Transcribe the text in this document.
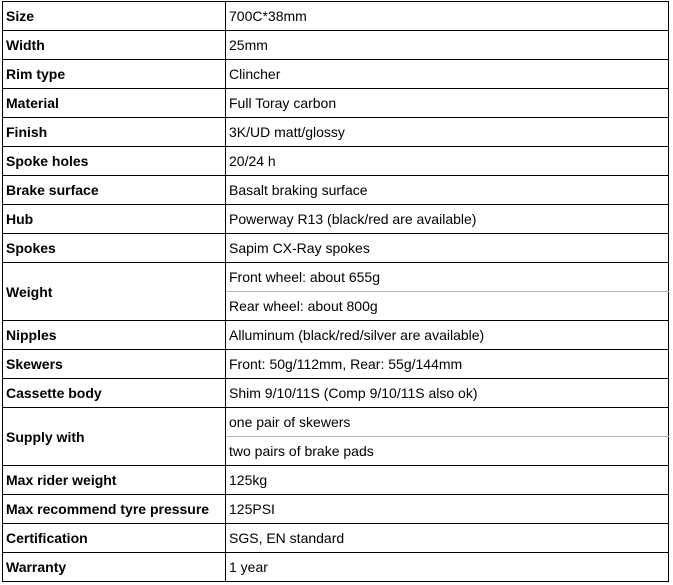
Size	700C*38mm
Width	25mm
Rim type	Clincher
Material	Full Toray carbon
Finish	3K/UD matt/glossy
Spoke holes	20/24 h
Brake surface	Basalt braking surface
Hub	Powerway R13 (black/red are available)
Spokes	Sapim CX-Ray spokes
Weight	Front wheel: about 655g
	Rear wheel: about 800g
Nipples	Alluminum (black/red/silver are available)
Skewers	Front: 50g/112mm, Rear: 55g/144mm
Cassette body	Shim 9/10/11S (Comp 9/10/11S also ok)
Supply with	one pair of skewers
	two pairs of brake pads
Max rider weight	125kg
Max recommend tyre pressure	125PSI
Certification	SGS, EN standard
Warranty	1 year
